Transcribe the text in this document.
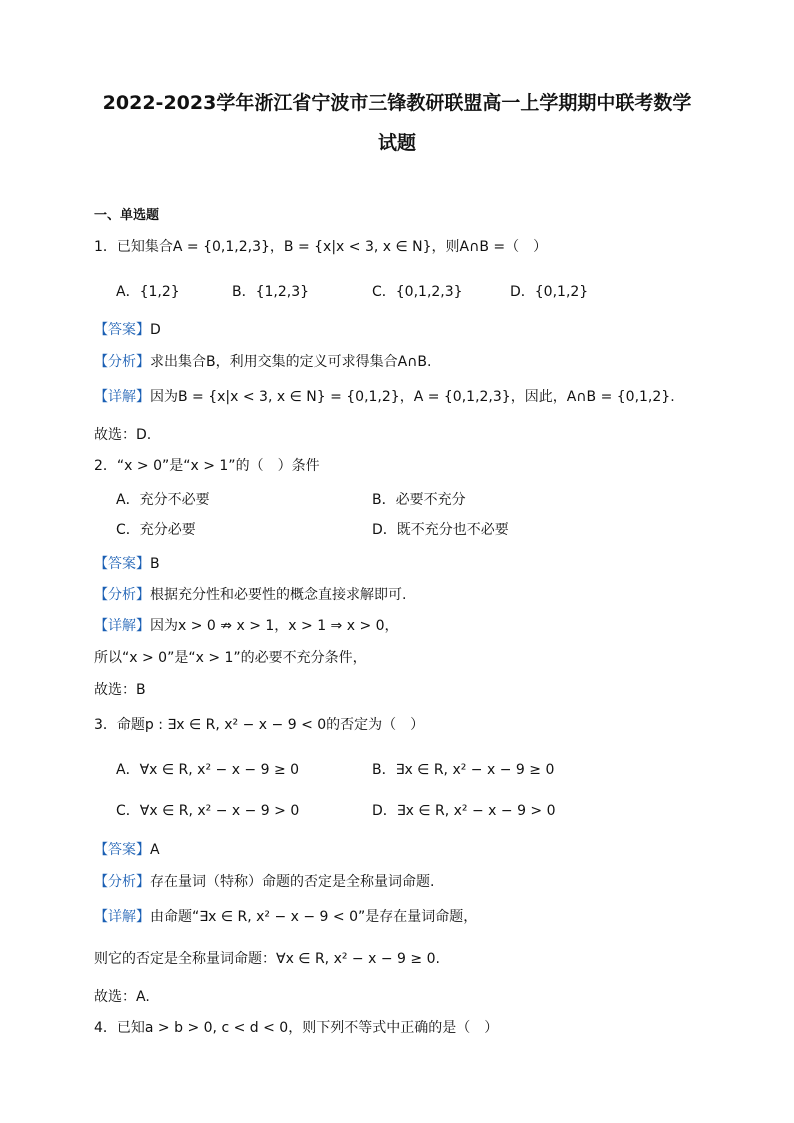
2022-2023学年浙江省宁波市三锋教研联盟高一上学期期中联考数学
试题
一、单选题
1．已知集合A = {0,1,2,3}，B = {x|x < 3, x ∈ N}，则A∩B =（　）
A．{1,2}	B．{1,2,3}	C．{0,1,2,3}	D．{0,1,2}
【答案】D
【分析】求出集合B，利用交集的定义可求得集合A∩B.
【详解】因为B = {x|x < 3, x ∈ N} = {0,1,2}，A = {0,1,2,3}，因此，A∩B = {0,1,2}.
故选：D.
2．“x > 0”是“x > 1”的（　）条件
A．充分不必要	B．必要不充分
C．充分必要	D．既不充分也不必要
【答案】B
【分析】根据充分性和必要性的概念直接求解即可.
【详解】因为x > 0 ⇏ x > 1，x > 1 ⇒ x > 0，
所以“x > 0”是“x > 1”的必要不充分条件，
故选：B
3．命题p : ∃x ∈ R, x² − x − 9 < 0的否定为（　）
A．∀x ∈ R, x² − x − 9 ≥ 0	B．∃x ∈ R, x² − x − 9 ≥ 0
C．∀x ∈ R, x² − x − 9 > 0	D．∃x ∈ R, x² − x − 9 > 0
【答案】A
【分析】存在量词（特称）命题的否定是全称量词命题.
【详解】由命题“∃x ∈ R, x² − x − 9 < 0”是存在量词命题，
则它的否定是全称量词命题：∀x ∈ R, x² − x − 9 ≥ 0.
故选：A.
4．已知a > b > 0, c < d < 0，则下列不等式中正确的是（　）
